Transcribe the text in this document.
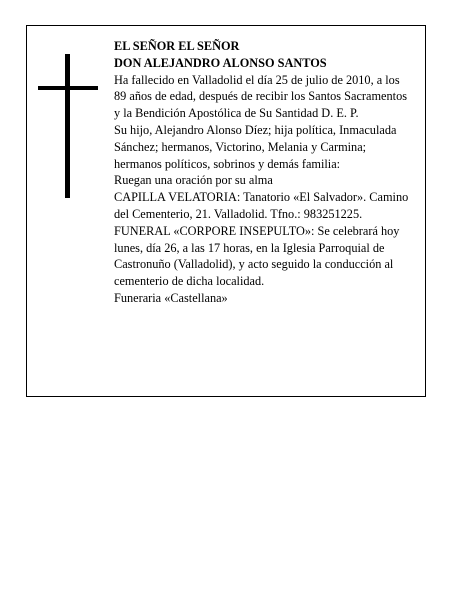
EL SEÑOR EL SEÑOR

DON ALEJANDRO ALONSO SANTOS

Ha fallecido en Valladolid el día 25 de julio de 2010, a los 89 años de edad, después de recibir los Santos Sacramentos y la Bendición Apostólica de Su Santidad D. E. P.

Su hijo, Alejandro Alonso Díez; hija política, Inmaculada Sánchez; hermanos, Victorino, Melania y Carmina; hermanos políticos, sobrinos y demás familia:

Ruegan una oración por su alma

CAPILLA VELATORIA: Tanatorio «El Salvador». Camino del Cementerio, 21. Valladolid. Tfno.: 983251225.

FUNERAL «CORPORE INSEPULTO»: Se celebrará hoy lunes, día 26, a las 17 horas, en la Iglesia Parroquial de Castronuño (Valladolid), y acto seguido la conducción al cementerio de dicha localidad.

Funeraria «Castellana»
